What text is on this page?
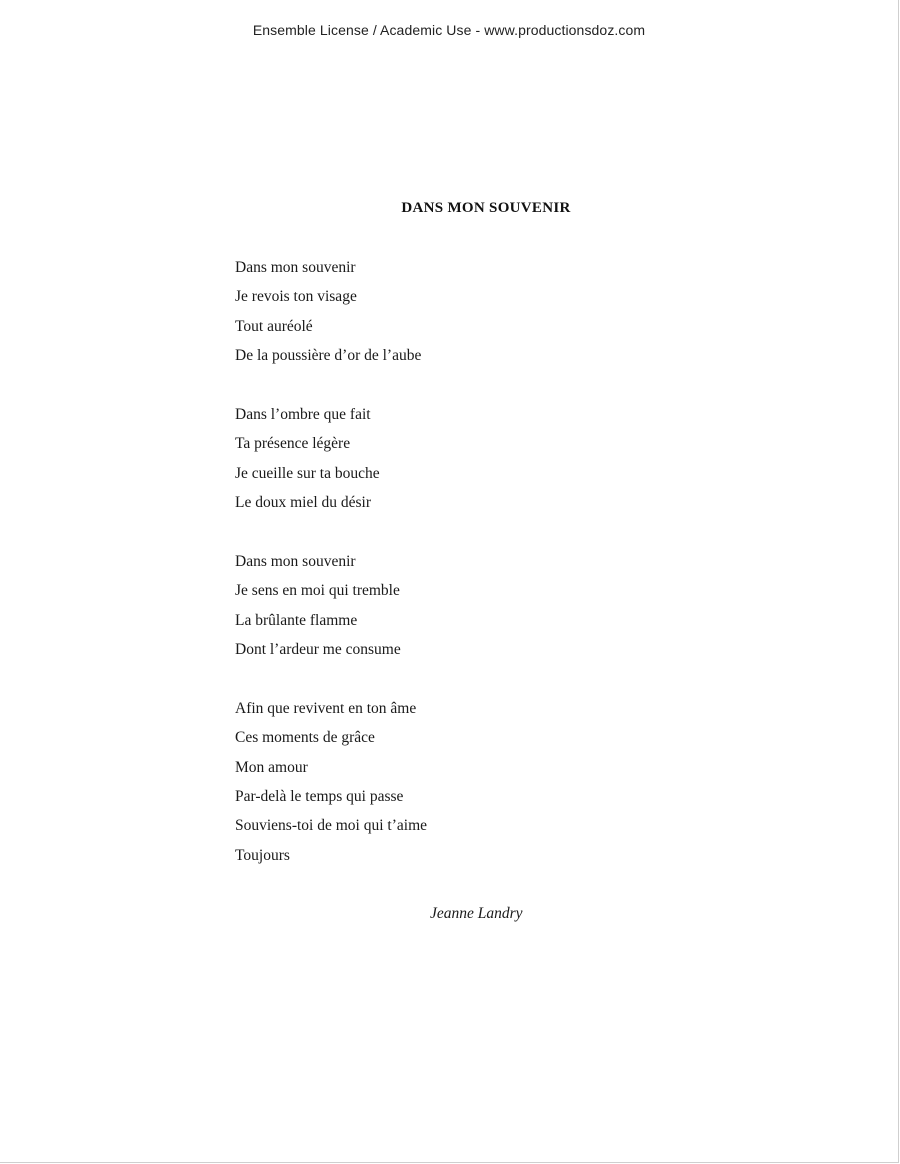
Ensemble License / Academic Use - www.productionsdoz.com
DANS MON SOUVENIR
Dans mon souvenir
Je revois ton visage
Tout auréolé
De la poussière d’or de l’aube
Dans l’ombre que fait
Ta présence légère
Je cueille sur ta bouche
Le doux miel du désir
Dans mon souvenir
Je sens en moi qui tremble
La brûlante flamme
Dont l’ardeur me consume
Afin que revivent en ton âme
Ces moments de grâce
Mon amour
Par-delà le temps qui passe
Souviens-toi de moi qui t’aime
Toujours
Jeanne Landry
